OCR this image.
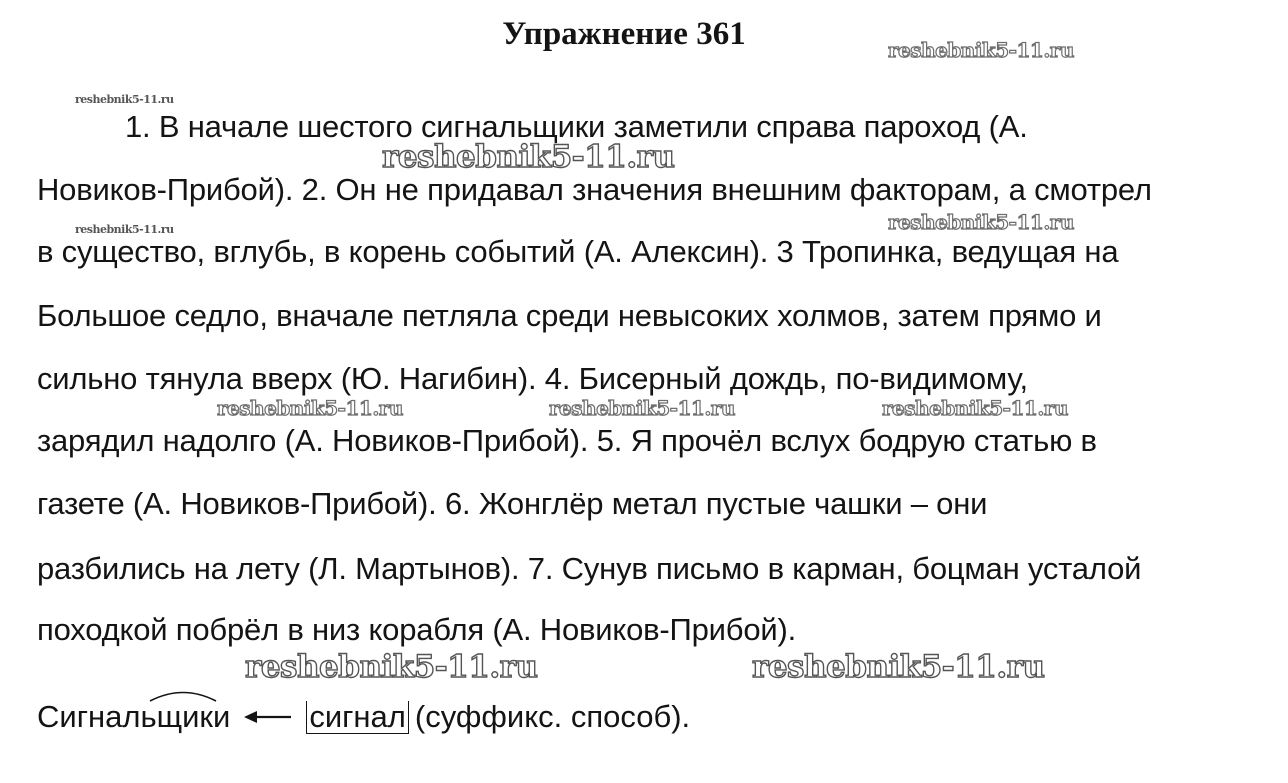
Упражнение 361	reshebnik5-11.ru
reshebnik5-11.ru
reshebnik5-11.ru
reshebnik5-11.ru
reshebnik5-11.ru
reshebnik5-11.ru	reshebnik5-11.ru	reshebnik5-11.ru
reshebnik5-11.ru	reshebnik5-11.ru
1. В начале шестого сигнальщики заметили справа пароход (А.
Новиков-Прибой). 2. Он не придавал значения внешним факторам, а смотрел
в существо, вглубь, в корень событий (А. Алексин). 3 Тропинка, ведущая на
Большое седло, вначале петляла среди невысоких холмов, затем прямо и
сильно тянула вверх (Ю. Нагибин). 4. Бисерный дождь, по-видимому,
зарядил надолго (А. Новиков-Прибой). 5. Я прочёл вслух бодрую статью в
газете (А. Новиков-Прибой). 6. Жонглёр метал пустые чашки – они
разбились на лету (Л. Мартынов). 7. Сунув письмо в карман, боцман усталой
походкой побрёл в низ корабля (А. Новиков-Прибой).
Сигнальщики	сигнал (суффикс. способ).
